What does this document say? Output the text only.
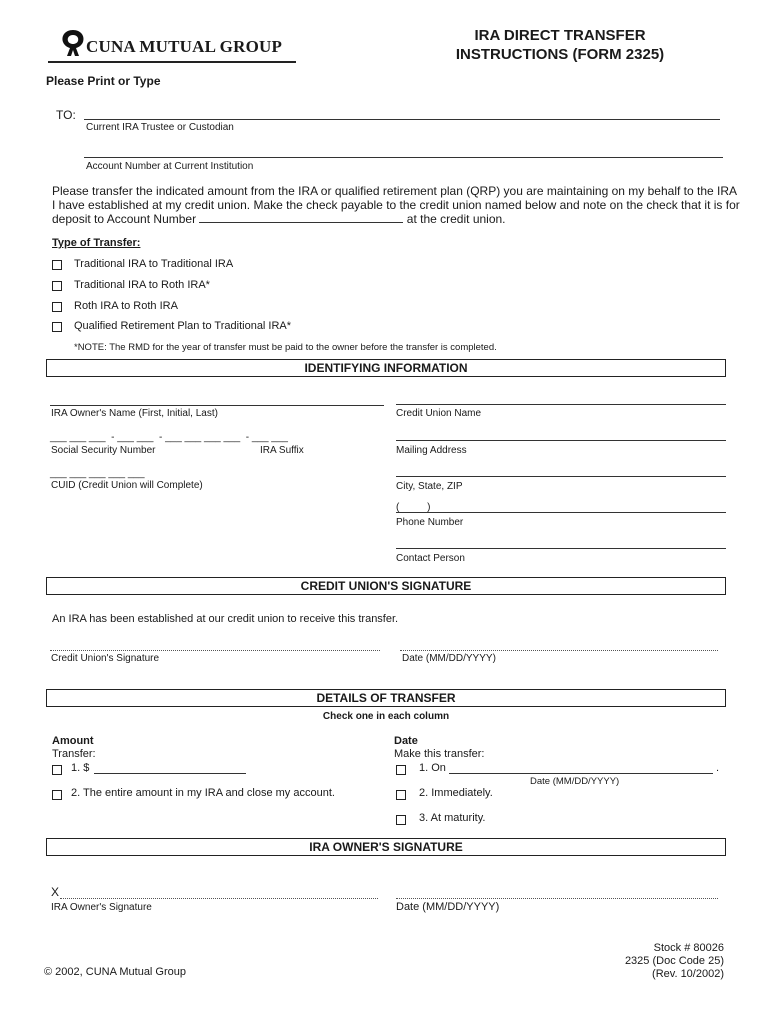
CUNA MUTUAL GROUP
IRA DIRECT TRANSFER
INSTRUCTIONS (FORM 2325)
Please Print or Type
TO:
Current IRA Trustee or Custodian
Account Number at Current Institution
Please transfer the indicated amount from the IRA or qualified retirement plan (QRP) you are maintaining on my behalf to the IRA
I have established at my credit union. Make the check payable to the credit union named below and note on the check that it is for
deposit to Account Number	at the credit union.
Type of Transfer:
Traditional IRA to Traditional IRA
Traditional IRA to Roth IRA*
Roth IRA to Roth IRA
Qualified Retirement Plan to Traditional IRA*
*NOTE: The RMD for the year of transfer must be paid to the owner before the transfer is completed.
IDENTIFYING INFORMATION
IRA Owner's Name (First, Initial, Last)
___ ___ ___  - ___ ___  - ___ ___ ___ ___  - ___ ___
Social Security Number	IRA Suffix
___ ___ ___ ___ ___
CUID (Credit Union will Complete)
Credit Union Name
Mailing Address
City, State, ZIP
(          )
Phone Number
Contact Person
CREDIT UNION'S SIGNATURE
An IRA has been established at our credit union to receive this transfer.
Credit Union's Signature	Date (MM/DD/YYYY)
DETAILS OF TRANSFER
Check one in each column
Amount
Transfer:
1. $
2. The entire amount in my IRA and close my account.
Date
Make this transfer:
1. On	.
Date (MM/DD/YYYY)
2. Immediately.
3. At maturity.
IRA OWNER'S SIGNATURE
X
IRA Owner's Signature	Date (MM/DD/YYYY)
© 2002, CUNA Mutual Group
Stock # 80026
2325 (Doc Code 25)
(Rev. 10/2002)
